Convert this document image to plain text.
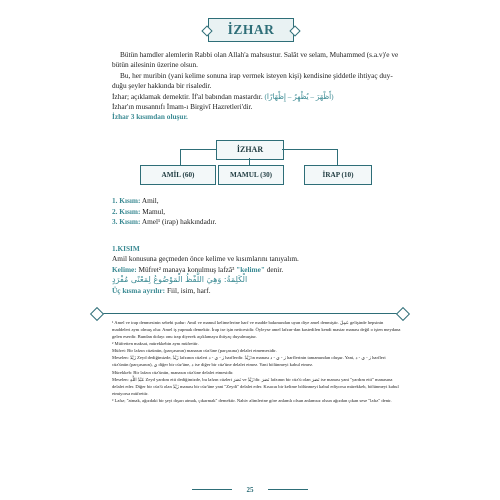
İZHAR

Bütün hamdler alemlerin Rabbi olan Allah'a mahsustur. Salât ve selam, Muhammed (s.a.v)'e ve bütün ailesinin üzerine olsun.

Bu, her muribin (yani kelime sonuna irap vermek isteyen kişi) kendisine şiddetle ihtiyaç duy-duğu şeyler hakkında bir risaledir.

İzhar; açıklamak demektir. İf'al babından mastardır. (أَظْهَرَ – يُظْهِرُ – إِظْهَارًا)

İzhar'ın musannıfı İmam-ı Birgivî Hazretleri'dir.

İzhar 3 kısımdan oluşur.

İZHAR
AMİL (60)	MAMUL (30)	İRAP (10)
1. Kısım: Amil,
2. Kısım: Mamul,
3. Kısım: Amel¹ (irap) hakkındadır.

1.KISIM

Amil konusuna geçmeden önce kelime ve kısımlarını tanıyalım.

Kelime: Müfret² manaya konulmuş lafzâ³ "kelime" denir.

الْكَلِمَةُ: وَهِيَ اللَّفْظُ الْمَوْضُوعُ لِمَعْنًى مُفْرَدٍ

Üç kısma ayrılır: Fiil, isim, harf.

¹ Amel ve irap denmesinin sebebi şudur: Amil ve mamul kelimelerine harf ve madde bakımından uyan diye amel denmiştir. عَمِلَ gelişinde hepsinin maddeleri aynı olmuş olur. Amel iş yapmak demektir. İrap ise işin neticesidir. Öyleyse amel lafzın-dan kastedilen kendi mastar manası değil o işten meydana gelen eserdir. Bundan dolayı onu irap diyerek açıklamaya ihtiyaç duyulmuştur.

² Müfretten maksat, mürekkebin aynı müfrettir.

Müfret: Bir lafzın cüzünün, (parçasının) manasın cüz'üne (parçasına) delalet etmemesidir.

Meselen: زَيْدٌ Zeyd dediğimizde, زَيْدٌ lafzının cüzleri ز - ي - د harflerdir. زَيْدٌ'ın manası ز - ي - د harflerinin tamamından oluşur. Yani, ز - ي - د harfleri cüz'ünün (parçasının), ي diğer bir cüz'üne, د ise diğer bir cüz'üne delalet etmez. Yani bölünmeyi kabul etmez.

Mürekkeb: Bir lafzın cüz'ünün, manasın cüz'üne delalet etmesidir.

Meselen: عَبْدُ اللَّهِ Zeyd yardım etti dediğimizde, bu lafzın cüzleri نَصَرَ ve زَيْدٌ'dir. نَصَرَ lafzının bir cüz'ü olan نَصَرَ ise manası yani "yardım etti" manasına delalet eder. Diğer bir cüz'ü olan زَيْدٌ manası bir cüz'üne yani "Zeydi" delalet eder. Kısacaı bir kelime bölünmeyi kabul ediyorsa mürekkeb, bölünmeyi kabul etmiyorsa müfrettir.

³ Lafız; "atmak, ağızdaki bir şeyi dışarı atmak, çıkarmak" demektir. Nahiv alimlerine göre anlamlı olsun anlamsız olsun ağızdan çıkan sese "lafız" denir.

25
